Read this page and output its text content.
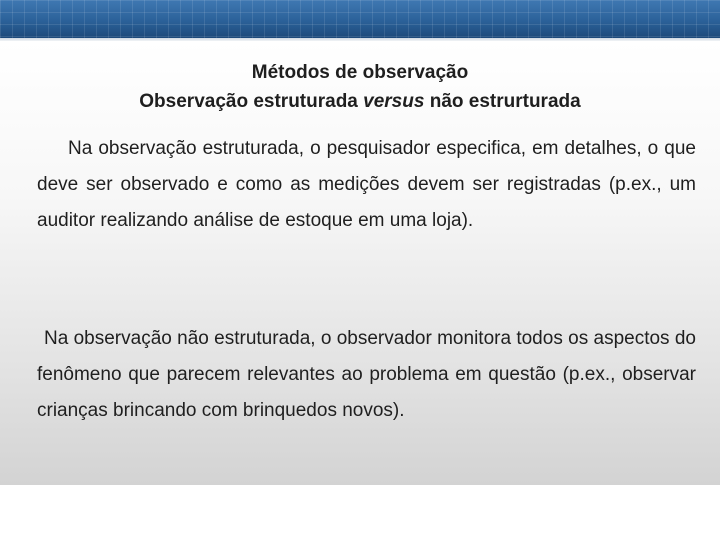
Métodos de observação
Observação estruturada versus não estrurturada

Na observação estruturada, o pesquisador especifica, em detalhes, o que deve ser observado e como as medições devem ser registradas (p.ex., um auditor realizando análise de estoque em uma loja).

Na observação não estruturada, o observador monitora todos os aspectos do fenômeno que parecem relevantes ao problema em questão (p.ex., observar crianças brincando com brinquedos novos).
